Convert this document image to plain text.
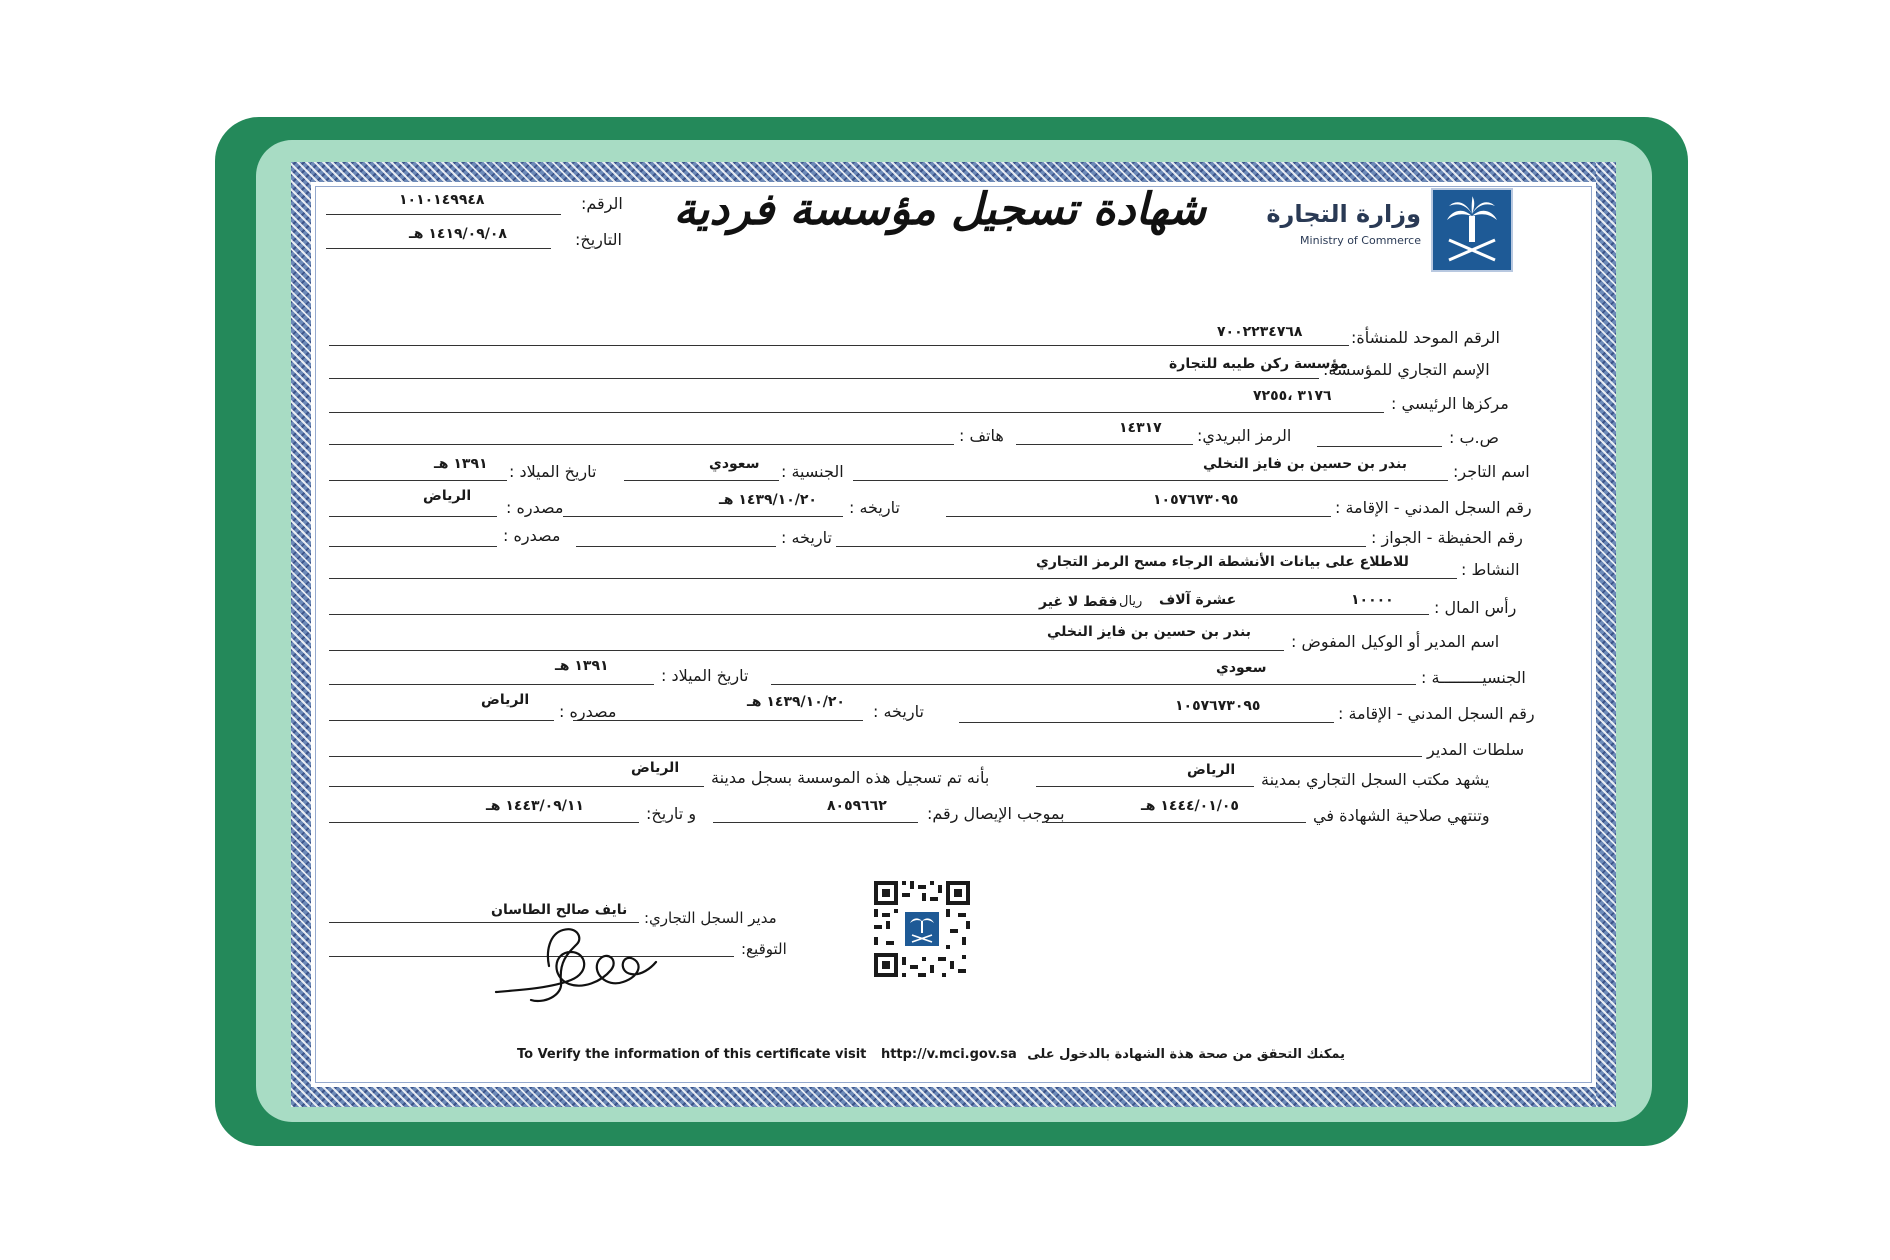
وزارة التجارة
Ministry of Commerce
شهادة تسجيل مؤسسة فردية
الرقم:
١٠١٠١٤٩٩٤٨
التاريخ:
١٤١٩/٠٩/٠٨ هـ
الرقم الموحد للمنشأة:
٧٠٠٢٢٣٤٧٦٨
الإسم التجاري للمؤسسة:
مؤسسة ركن طيبه للتجارة
مركزها الرئيسي :
٣١٧٦ ،٧٢٥٥
ص.ب :
الرمز البريدي:
١٤٣١٧
هاتف :
اسم التاجر:
بندر بن حسين بن فايز النخلي
الجنسية :
سعودي
تاريخ الميلاد :
١٣٩١ هـ
رقم السجل المدني - الإقامة :
١٠٥٧٦٧٣٠٩٥
تاريخه :
١٤٣٩/١٠/٢٠ هـ
مصدره :
الرياض
رقم الحفيظة - الجواز :
تاريخه :
مصدره :
النشاط :
للاطلاع على بيانات الأنشطة الرجاء مسح الرمز التجاري
رأس المال :
١٠٠٠٠
عشرة آلاف
ريال
فقط لا غير
اسم المدير أو الوكيل المفوض :
بندر بن حسين بن فايز النخلي
الجنسيـــــــــة :
سعودي
تاريخ الميلاد :
١٣٩١ هـ
رقم السجل المدني - الإقامة :
١٠٥٧٦٧٣٠٩٥
تاريخه :
١٤٣٩/١٠/٢٠ هـ
مصدره :
الرياض
سلطات المدير
يشهد مكتب السجل التجاري بمدينة
الرياض
بأنه تم تسجيل هذه الموسسة بسجل مدينة
الرياض
وتنتهي صلاحية الشهادة في
١٤٤٤/٠١/٠٥ هـ
بموجب الإيصال رقم:
٨٠٥٩٦٦٢
و تاريخ:
١٤٤٣/٠٩/١١ هـ
مدير السجل التجاري:
نايف صالح الطاسان
التوقيع:
To Verify the information of this certificate visit http://v.mci.gov.sa يمكنك التحقق من صحة هذة الشهادة بالدخول على
